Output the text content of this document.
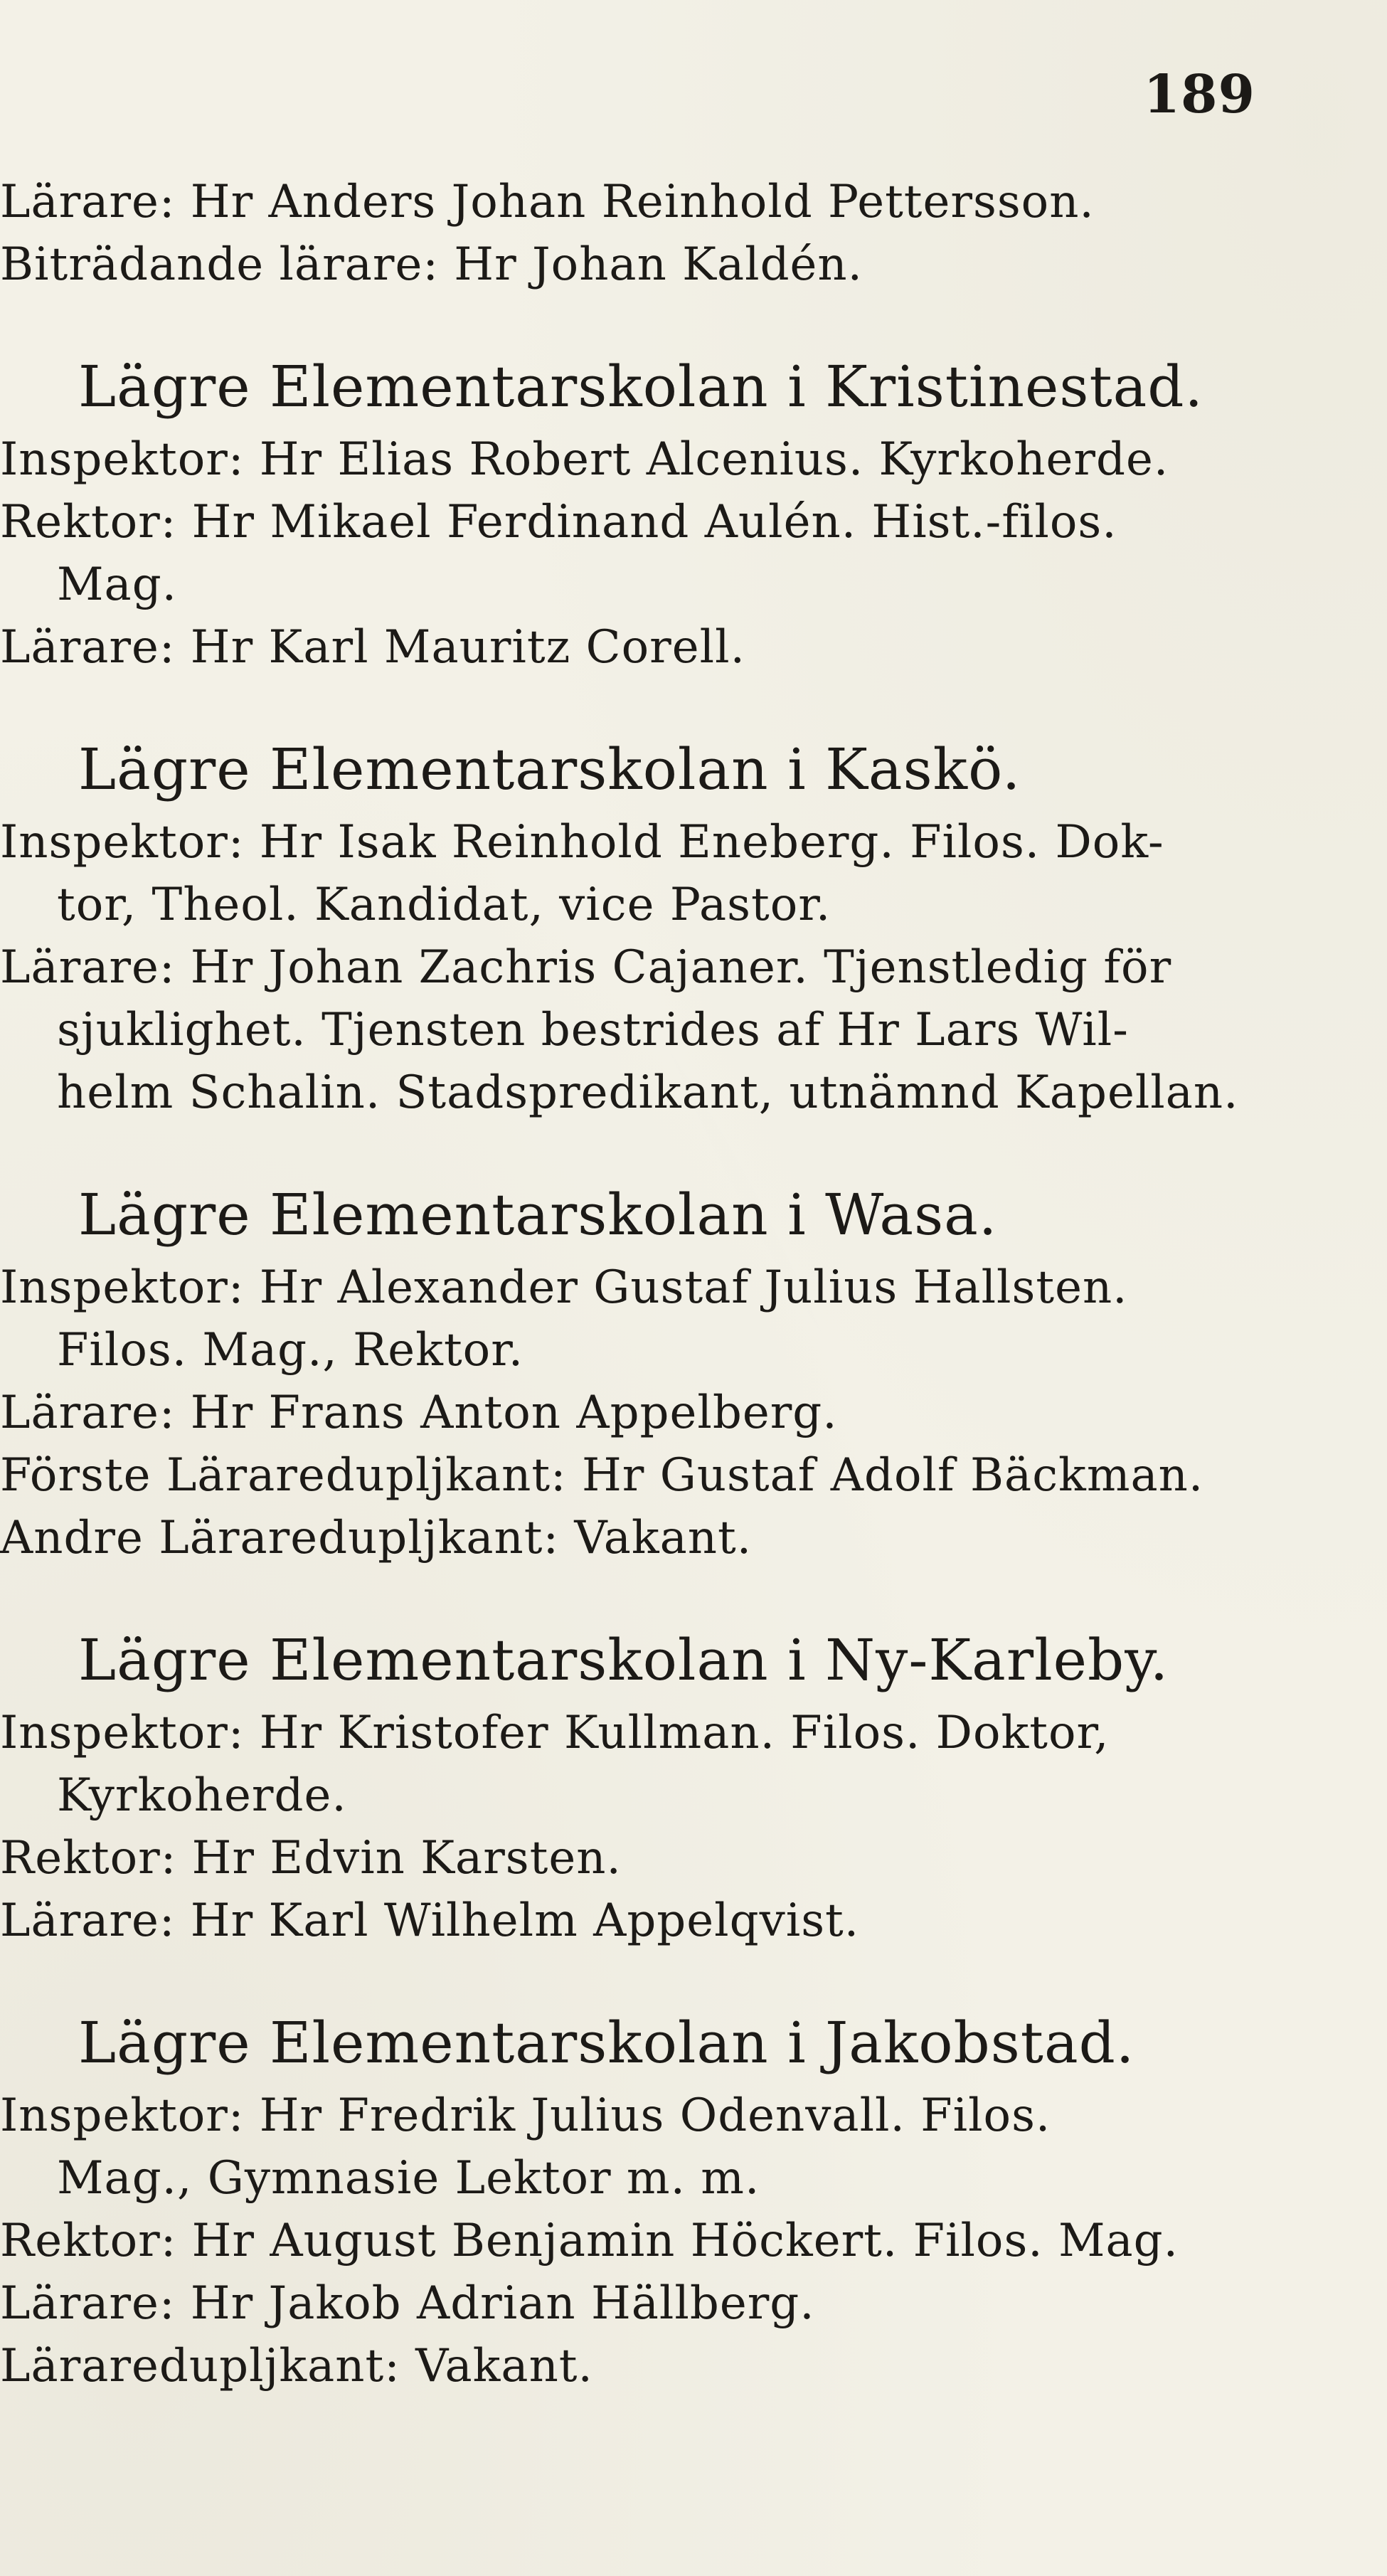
189
Lärare: Hr Anders Johan Reinhold Pettersson.
Biträdande lärare: Hr Johan Kaldén.
Lägre Elementarskolan i Kristinestad.
Inspektor: Hr Elias Robert Alcenius. Kyrkoherde.
Rektor: Hr Mikael Ferdinand Aulén. Hist.-filos.
Mag.
Lärare: Hr Karl Mauritz Corell.
Lägre Elementarskolan i Kaskö.
Inspektor: Hr Isak Reinhold Eneberg. Filos. Dok-
tor, Theol. Kandidat, vice Pastor.
Lärare: Hr Johan Zachris Cajaner. Tjenstledig för
sjuklighet. Tjensten bestrides af Hr Lars Wil-
helm Schalin. Stadspredikant, utnämnd Kapellan.
Lägre Elementarskolan i Wasa.
Inspektor: Hr Alexander Gustaf Julius Hallsten.
Filos. Mag., Rektor.
Lärare: Hr Frans Anton Appelberg.
Förste Läraredupljkant: Hr Gustaf Adolf Bäckman.
Andre Läraredupljkant: Vakant.
Lägre Elementarskolan i Ny-Karleby.
Inspektor: Hr Kristofer Kullman. Filos. Doktor,
Kyrkoherde.
Rektor: Hr Edvin Karsten.
Lärare: Hr Karl Wilhelm Appelqvist.
Lägre Elementarskolan i Jakobstad.
Inspektor: Hr Fredrik Julius Odenvall. Filos.
Mag., Gymnasie Lektor m. m.
Rektor: Hr August Benjamin Höckert. Filos. Mag.
Lärare: Hr Jakob Adrian Hällberg.
Läraredupljkant: Vakant.
